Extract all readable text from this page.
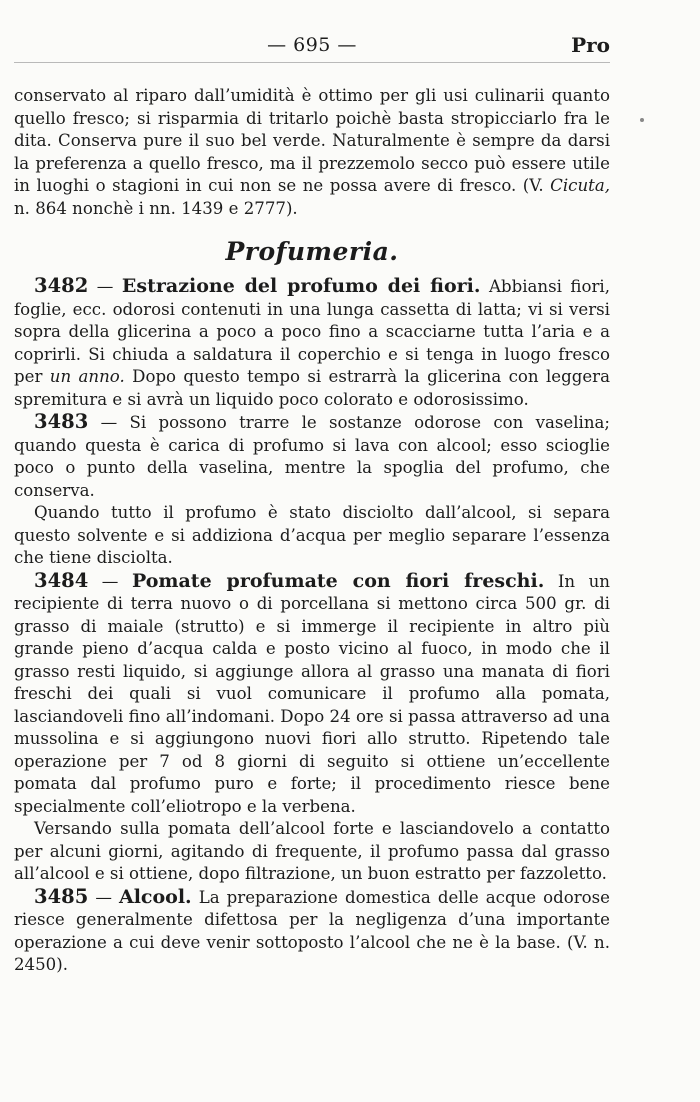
— 695 —	Pro

conservato al riparo dall’umidità è ottimo per gli usi culinarii quanto quello fresco; si risparmia di tritarlo poichè basta stropicciarlo fra le dita. Conserva pure il suo bel verde. Naturalmente è sempre da darsi la preferenza a quello fresco, ma il prezzemolo secco può essere utile in luoghi o stagioni in cui non se ne possa avere di fresco. (V. Cicuta, n. 864 nonchè i nn. 1439 e 2777).

Profumeria.

3482 — Estrazione del profumo dei fiori. Abbiansi fiori, foglie, ecc. odorosi contenuti in una lunga cassetta di latta; vi si versi sopra della glicerina a poco a poco fino a scacciarne tutta l’aria e a coprirli. Si chiuda a saldatura il coperchio e si tenga in luogo fresco per un anno. Dopo questo tempo si estrarrà la glicerina con leggera spremitura e si avrà un liquido poco colorato e odorosissimo.

3483 — Si possono trarre le sostanze odorose con vaselina; quando questa è carica di profumo si lava con alcool; esso scioglie poco o punto della vaselina, mentre la spoglia del profumo, che conserva.

Quando tutto il profumo è stato disciolto dall’alcool, si separa questo solvente e si addiziona d’acqua per meglio separare l’essenza che tiene disciolta.

3484 — Pomate profumate con fiori freschi. In un recipiente di terra nuovo o di porcellana si mettono circa 500 gr. di grasso di maiale (strutto) e si immerge il recipiente in altro più grande pieno d’acqua calda e posto vicino al fuoco, in modo che il grasso resti liquido, si aggiunge allora al grasso una manata di fiori freschi dei quali si vuol comunicare il profumo alla pomata, lasciandoveli fino all’indomani. Dopo 24 ore si passa attraverso ad una mussolina e si aggiungono nuovi fiori allo strutto. Ripetendo tale operazione per 7 od 8 giorni di seguito si ottiene un’eccellente pomata dal profumo puro e forte; il procedimento riesce bene specialmente coll’eliotropo e la verbena.

Versando sulla pomata dell’alcool forte e lasciandovelo a contatto per alcuni giorni, agitando di frequente, il profumo passa dal grasso all’alcool e si ottiene, dopo filtrazione, un buon estratto per fazzoletto.

3485 — Alcool. La preparazione domestica delle acque odorose riesce generalmente difettosa per la negligenza d’una importante operazione a cui deve venir sottoposto l’alcool che ne è la base. (V. n. 2450).
